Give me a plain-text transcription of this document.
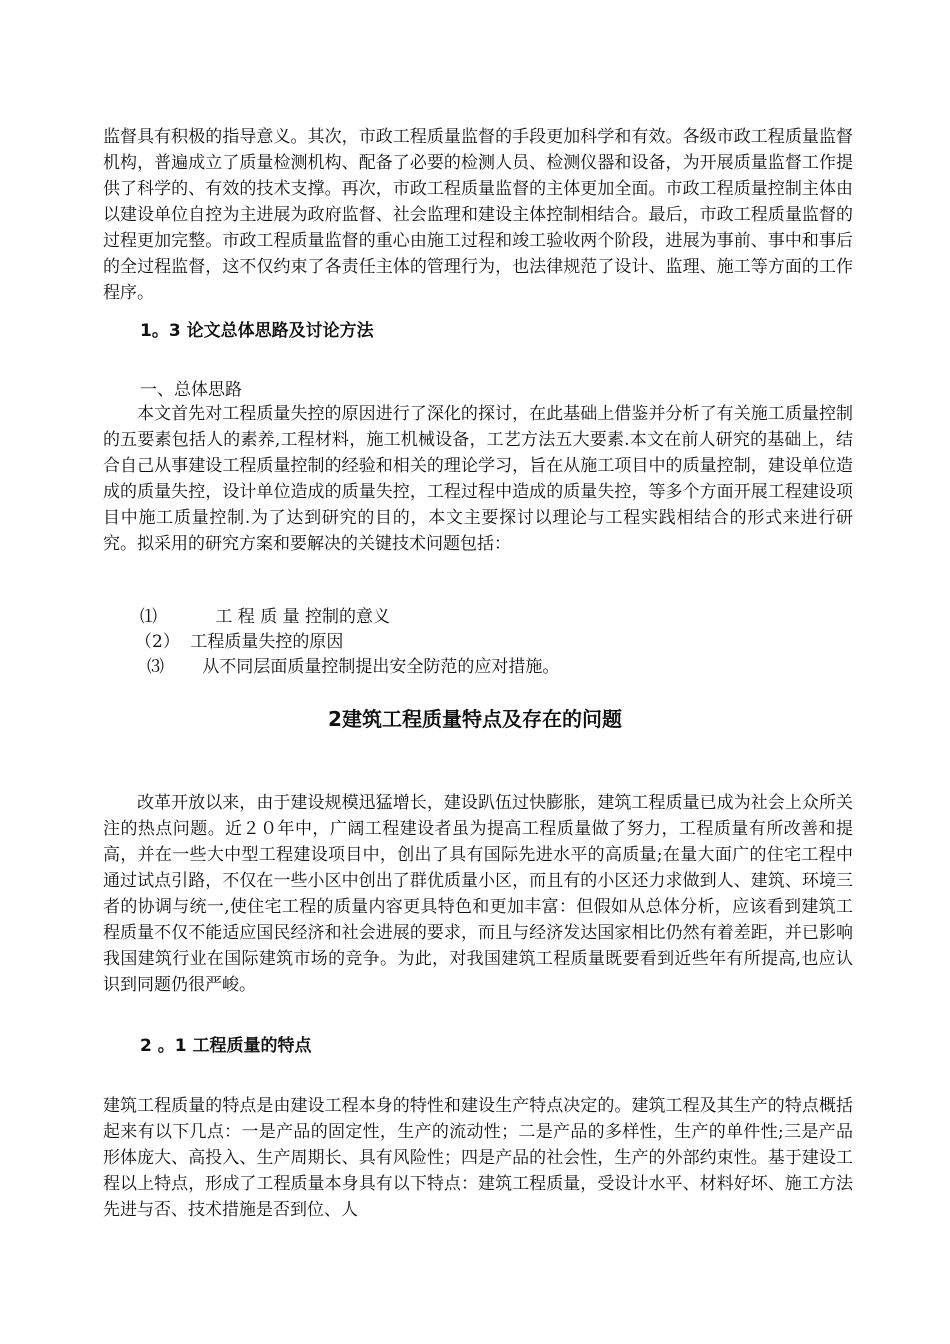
监督具有积极的指导意义。其次，市政工程质量监督的手段更加科学和有效。各级市政工程质量监督机构，普遍成立了质量检测机构、配备了必要的检测人员、检测仪器和设备，为开展质量监督工作提供了科学的、有效的技术支撑。再次，市政工程质量监督的主体更加全面。市政工程质量控制主体由以建设单位自控为主进展为政府监督、社会监理和建设主体控制相结合。最后，市政工程质量监督的过程更加完整。市政工程质量监督的重心由施工过程和竣工验收两个阶段，进展为事前、事中和事后的全过程监督，这不仅约束了各责任主体的管理行为，也法律规范了设计、监理、施工等方面的工作程序。

1。3 论文总体思路及讨论方法
一、总体思路

本文首先对工程质量失控的原因进行了深化的探讨，在此基础上借鉴并分析了有关施工质量控制的五要素包括人的素养,工程材料，施工机械设备，工艺方法五大要素.本文在前人研究的基础上，结合自己从事建设工程质量控制的经验和相关的理论学习，旨在从施工项目中的质量控制，建设单位造成的质量失控，设计单位造成的质量失控，工程过程中造成的质量失控，等多个方面开展工程建设项目中施工质量控制.为了达到研究的目的，本文主要探讨以理论与工程实践相结合的形式来进行研究。拟采用的研究方案和要解决的关键技术问题包括：

⑴	工 程 质 量 控制的意义
（2） 工程质量失控的原因
⑶ 从不同层面质量控制提出安全防范的应对措施。
2建筑工程质量特点及存在的问题

改革开放以来，由于建设规模迅猛增长，建设趴伍过快膨胀，建筑工程质量已成为社会上众所关注的热点问题。近２０年中，广阔工程建设者虽为提高工程质量做了努力，工程质量有所改善和提高，并在一些大中型工程建设项目中，创出了具有国际先进水平的高质量;在量大面广的住宅工程中通过试点引路，不仅在一些小区中创出了群优质量小区，而且有的小区还力求做到人、建筑、环境三者的协调与统一,使住宅工程的质量内容更具特色和更加丰富：但假如从总体分析，应该看到建筑工程质量不仅不能适应国民经济和社会进展的要求，而且与经济发达国家相比仍然有着差距，并已影响我国建筑行业在国际建筑市场的竞争。为此，对我国建筑工程质量既要看到近些年有所提高,也应认识到同题仍很严峻。

2 。1 工程质量的特点

建筑工程质量的特点是由建设工程本身的特性和建设生产特点决定的。建筑工程及其生产的特点概括起来有以下几点：一是产品的固定性，生产的流动性；二是产品的多样性，生产的单件性;三是产品形体庞大、高投入、生产周期长、具有风险性；四是产品的社会性，生产的外部约束性。基于建设工程以上特点，形成了工程质量本身具有以下特点：建筑工程质量，受设计水平、材料好坏、施工方法先进与否、技术措施是否到位、人
